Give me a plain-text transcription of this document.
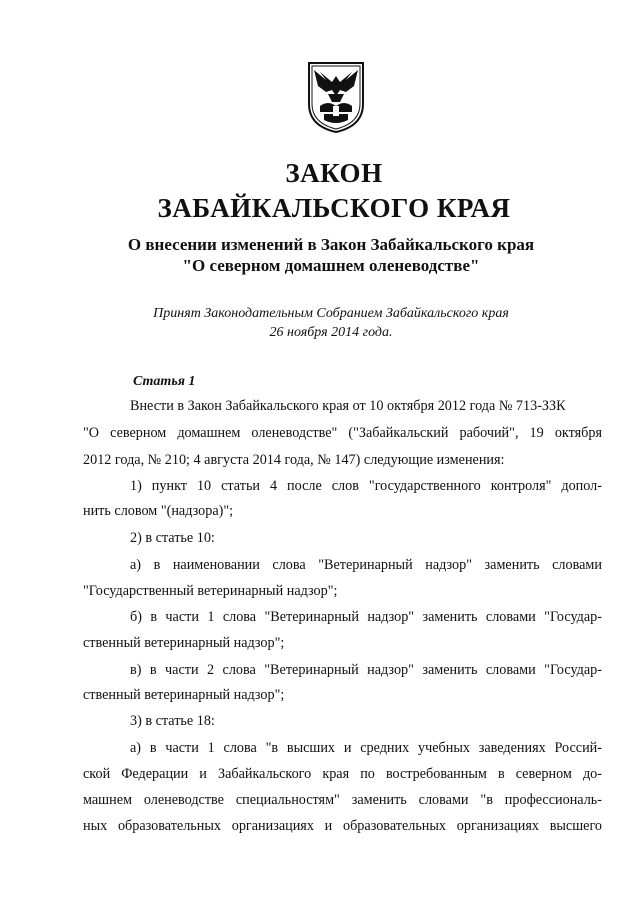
ЗАКОН
ЗАБАЙКАЛЬСКОГО КРАЯ
О внесении изменений в Закон Забайкальского края
"О северном домашнем оленеводстве"
Принят Законодательным Собранием Забайкальского края
26 ноября 2014 года.
Статья 1
Внести в Закон Забайкальского края от 10 октября 2012 года № 713-ЗЗК
"О северном домашнем оленеводстве" ("Забайкальский рабочий", 19 октября
2012 года, № 210; 4 августа 2014 года, № 147) следующие изменения:
1) пункт 10 статьи 4 после слов "государственного контроля" допол-
нить словом "(надзора)";
2) в статье 10:
а) в наименовании слова "Ветеринарный надзор" заменить словами
"Государственный ветеринарный надзор";
б) в части 1 слова "Ветеринарный надзор" заменить словами "Государ-
ственный ветеринарный надзор";
в) в части 2 слова "Ветеринарный надзор" заменить словами "Государ-
ственный ветеринарный надзор";
3) в статье 18:
а) в части 1 слова "в высших и средних учебных заведениях Россий-
ской Федерации и Забайкальского края по востребованным в северном до-
машнем оленеводстве специальностям" заменить словами "в профессиональ-
ных образовательных организациях и образовательных организациях высшего
